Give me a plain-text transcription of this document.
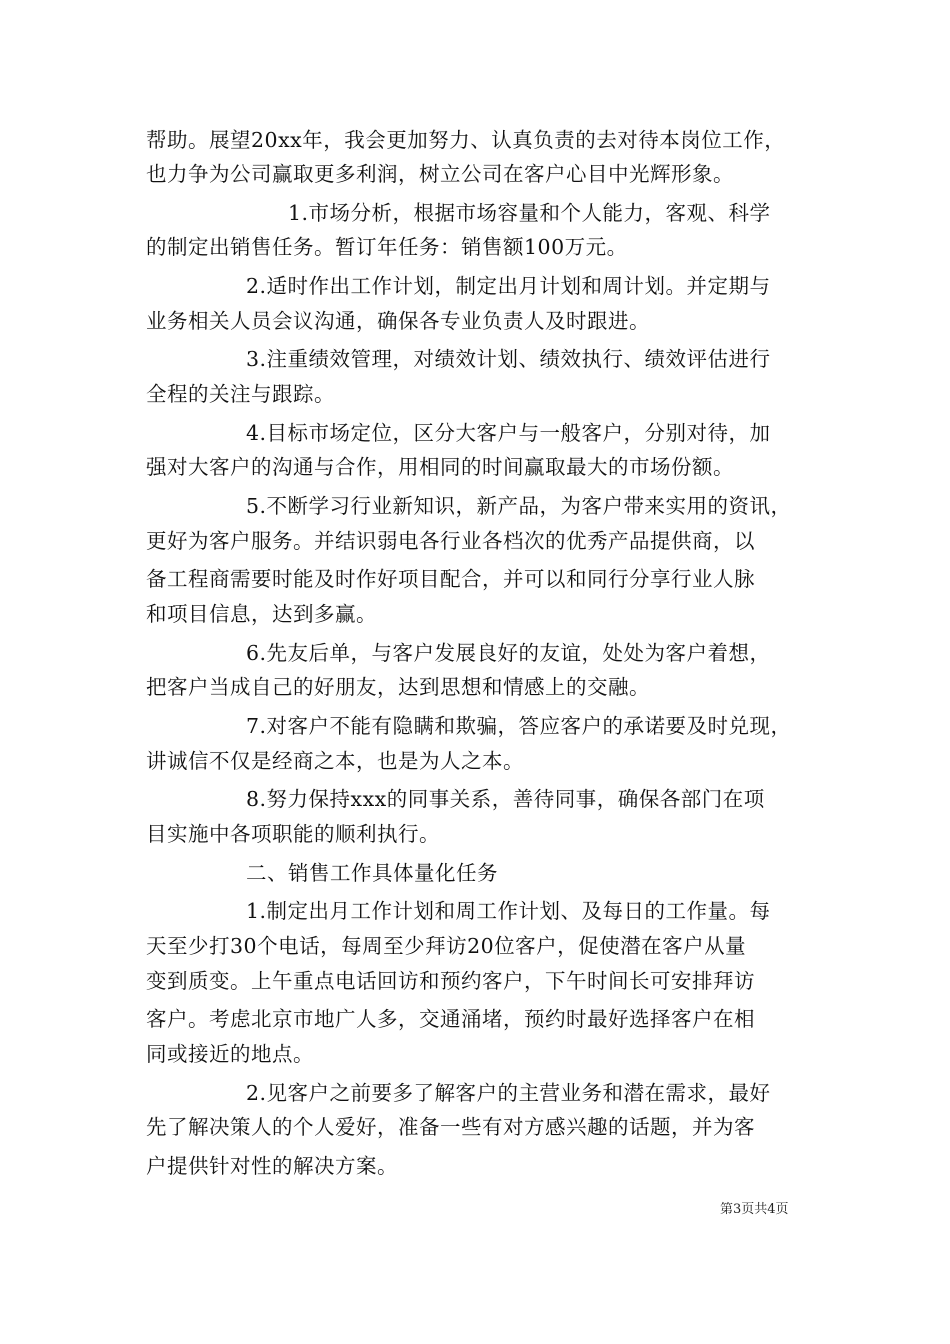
帮助。展望20xx年，我会更加努力、认真负责的去对待本岗位工作，
也力争为公司赢取更多利润，树立公司在客户心目中光辉形象。
1.市场分析，根据市场容量和个人能力，客观、科学
的制定出销售任务。暂订年任务：销售额100万元。
2.适时作出工作计划，制定出月计划和周计划。并定期与
业务相关人员会议沟通，确保各专业负责人及时跟进。
3.注重绩效管理，对绩效计划、绩效执行、绩效评估进行
全程的关注与跟踪。
4.目标市场定位，区分大客户与一般客户，分别对待，加
强对大客户的沟通与合作，用相同的时间赢取最大的市场份额。
5.不断学习行业新知识，新产品，为客户带来实用的资讯，
更好为客户服务。并结识弱电各行业各档次的优秀产品提供商，以
备工程商需要时能及时作好项目配合，并可以和同行分享行业人脉
和项目信息，达到多赢。
6.先友后单，与客户发展良好的友谊，处处为客户着想，
把客户当成自己的好朋友，达到思想和情感上的交融。
7.对客户不能有隐瞒和欺骗，答应客户的承诺要及时兑现，
讲诚信不仅是经商之本，也是为人之本。
8.努力保持xxx的同事关系，善待同事，确保各部门在项
目实施中各项职能的顺利执行。
二、销售工作具体量化任务
1.制定出月工作计划和周工作计划、及每日的工作量。每
天至少打30个电话，每周至少拜访20位客户，促使潜在客户从量
变到质变。上午重点电话回访和预约客户，下午时间长可安排拜访
客户。考虑北京市地广人多，交通涌堵，预约时最好选择客户在相
同或接近的地点。
2.见客户之前要多了解客户的主营业务和潜在需求，最好
先了解决策人的个人爱好，准备一些有对方感兴趣的话题，并为客
户提供针对性的解决方案。
第3页共4页
